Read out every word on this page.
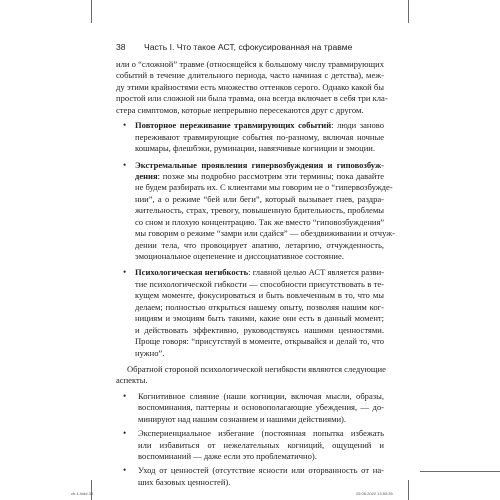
38 Часть I. Что такое АСТ, сфокусированная на травме
или о “сложной” травме (относящейся к большому числу травмирующих
событий в течение длительного периода, часто начиная с детства), меж-
ду этими крайностями есть множество оттенков серого. Однако какой бы
простой или сложной ни была травма, она всегда включает в себя три кла-
стера симптомов, которые непрерывно пересекаются друг с другом.
• Повторное переживание травмирующих событий: люди заново
переживают травмирующие события по-разному, включая ночные
кошмары, флешбэки, руминации, навязчивые когниции и эмоции.
• Экстремальные проявления гипервозбуждения и гиповозбуж-
дения: позже мы подробно рассмотрим эти термины; пока давайте
не будем разбирать их. С клиентами мы говорим не о “гипервозбужде-
нии”, а о режиме “бей или беги”, который вызывает гнев, раздра-
жительность, страх, тревогу, повышенную бдительность, проблемы
со сном и плохую концентрацию. Так же вместо “гиповозбуждения”
мы говорим о режиме “замри или сдайся” — обездвиживании и отчуж-
дении тела, что провоцирует апатию, летаргию, отчужденность,
эмоциональное оцепенение и диссоциативное состояние.
• Психологическая негибкость: главной целью АСТ является разви-
тие психологической гибкости — способности присутствовать в те-
кущем моменте, фокусироваться и быть вовлеченным в то, что мы
делаем; полностью открыться нашему опыту, позволяя нашим ког-
нициям и эмоциям быть такими, какие они есть в данный момент;
и действовать эффективно, руководствуясь нашими ценностями.
Проще говоря: “присутствуй в моменте, открывайся и делай то, что
нужно”.
Обратной стороной психологической негибкости являются следующие
аспекты.
• Когнитивное слияние (наши когниции, включая мысли, образы,
воспоминания, паттерны и основополагающие убеждения, — до-
минируют над нашим сознанием и нашими действиями).
• Экспериенциальное избегание (постоянная попытка избежать
или избавиться от нежелательных когниций, ощущений и
воспоминаний — даже если это проблематично).
• Уход от ценностей (отсутствие ясности или оторванность от на-
ших базовых ценностей).
ch-1.indd 38	25.06.2022 13:53:35
